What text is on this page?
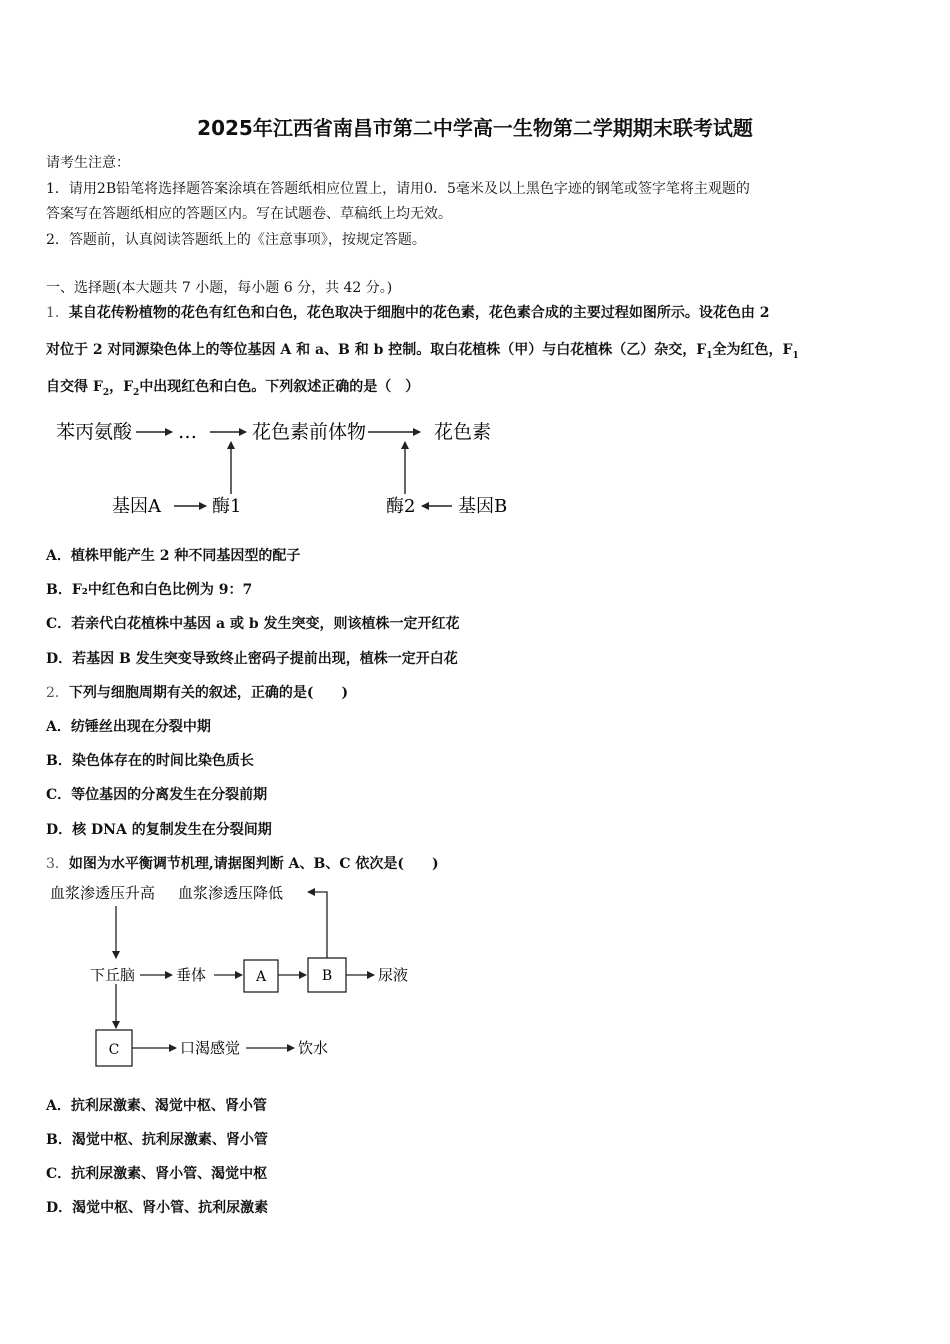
2025年江西省南昌市第二中学高一生物第二学期期末联考试题
请考生注意：
1．请用2B铅笔将选择题答案涂填在答题纸相应位置上，请用0．5毫米及以上黑色字迹的钢笔或签字笔将主观题的
答案写在答题纸相应的答题区内。写在试题卷、草稿纸上均无效。
2．答题前，认真阅读答题纸上的《注意事项》，按规定答题。
一、选择题(本大题共 7 小题，每小题 6 分，共 42 分。)
1．某自花传粉植物的花色有红色和白色，花色取决于细胞中的花色素，花色素合成的主要过程如图所示。设花色由 2
对位于 2 对同源染色体上的等位基因 A 和 a、B 和 b 控制。取白花植株（甲）与白花植株（乙）杂交，$F_1$全为红色，$F_1$
自交得 $F_2$，$F_2$中出现红色和白色。下列叙述正确的是（　）
苯丙氨酸 …	花色素前体物	花色素
基因A	酶1	酶2 基因B
A．植株甲能产生 2 种不同基因型的配子
B．F₂中红色和白色比例为 9：7
C．若亲代白花植株中基因 a 或 b 发生突变，则该植株一定开红花
D．若基因 B 发生突变导致终止密码子提前出现，植株一定开白花
2．下列与细胞周期有关的叙述，正确的是(　　)
A．纺锤丝出现在分裂中期
B．染色体存在的时间比染色质长
C．等位基因的分离发生在分裂前期
D．核 DNA 的复制发生在分裂间期
3．如图为水平衡调节机理,请据图判断 A、B、C 依次是(　　)
血浆渗透压升高 血浆渗透压降低
下丘脑	垂体	A	B	尿液
C	口渴感觉	饮水
A．抗利尿激素、渴觉中枢、肾小管
B．渴觉中枢、抗利尿激素、肾小管
C．抗利尿激素、肾小管、渴觉中枢
D．渴觉中枢、肾小管、抗利尿激素
